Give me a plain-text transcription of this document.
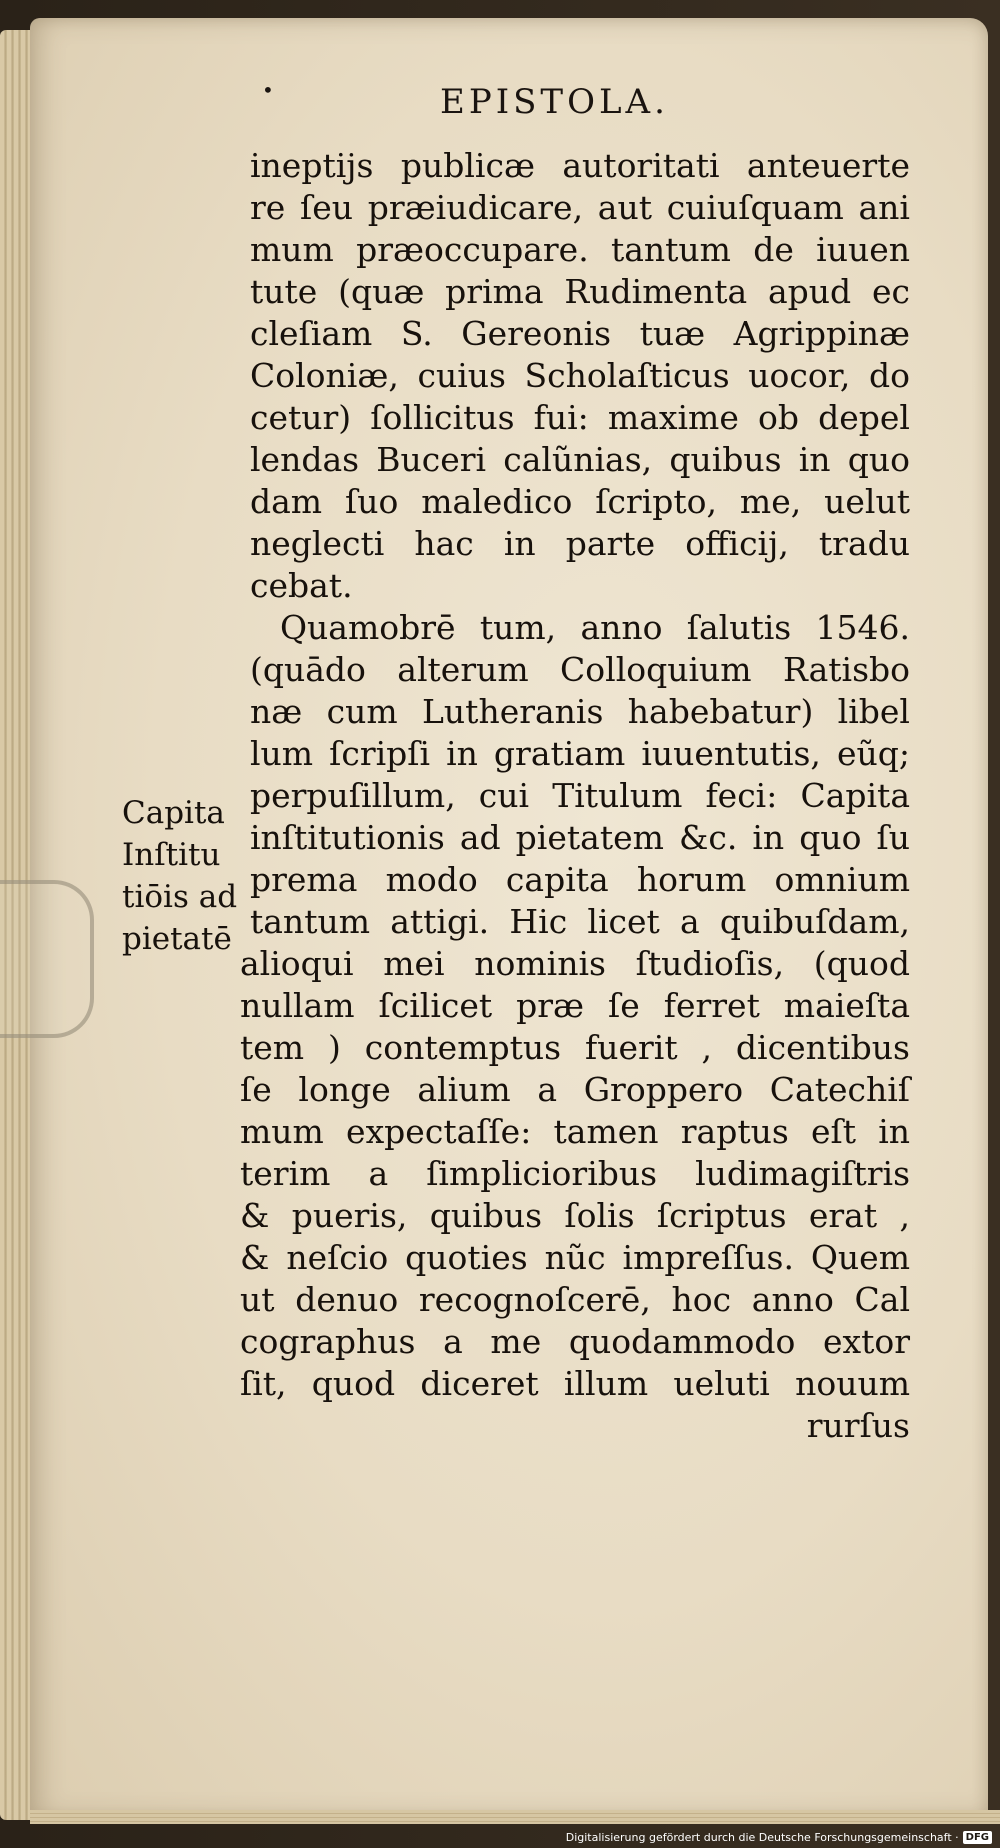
•	EPISTOLA.
ineptijs publicæ autoritati anteuerte
re ſeu præiudicare, aut cuiuſquam ani
mum præoccupare. tantum de iuuen
tute (quæ prima Rudimenta apud ec
cleſiam S. Gereonis tuæ Agrippinæ
Coloniæ, cuius Scholaſticus uocor, do
cetur) ſollicitus fui: maxime ob depel
lendas Buceri calũnias, quibus in quo
dam ſuo maledico ſcripto, me, uelut
neglecti hac in parte officij, tradu
cebat.
Quamobrē tum, anno ſalutis 1546.
(quādo alterum Colloquium Ratisbo
næ cum Lutheranis habebatur) libel
lum ſcripſi in gratiam iuuentutis, eũq;
perpuſillum, cui Titulum feci: Capita
inſtitutionis ad pietatem &c. in quo ſu
prema modo capita horum omnium
tantum attigi. Hic licet a quibuſdam,
alioqui mei nominis ſtudioſis, (quod
nullam ſcilicet præ ſe ferret maieſta
tem ) contemptus fuerit , dicentibus
ſe longe alium a Groppero Catechiſ
mum expectaſſe: tamen raptus eſt in
terim a ſimplicioribus ludimagiſtris
& pueris, quibus ſolis ſcriptus erat ,
& neſcio quoties nũc impreſſus. Quem
ut denuo recognoſcerē, hoc anno Cal
cographus a me quodammodo extor
ſit, quod diceret illum ueluti nouum
rurſus
Capita
Inſtitu
tiōis ad
pietatē
Digitalisierung gefördert durch die Deutsche Forschungsgemeinschaft · DFG
